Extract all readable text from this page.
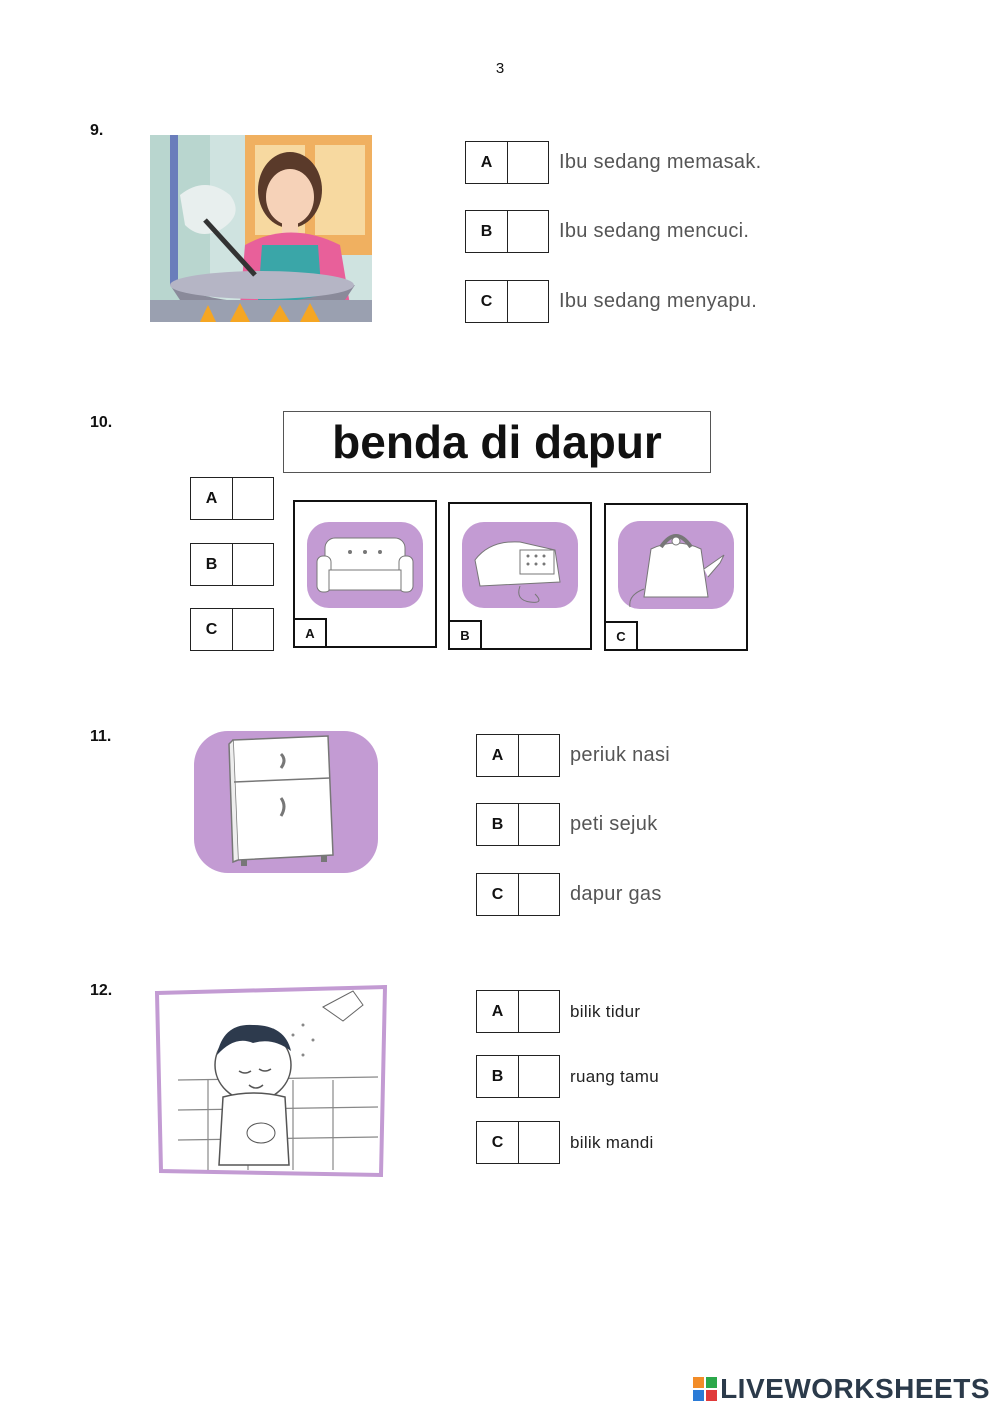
3
9.
A	Ibu sedang memasak.
B	Ibu sedang mencuci.
C	Ibu sedang menyapu.
10.	benda di dapur
A
B
C	A	B	C
11.
A	periuk nasi
B	peti sejuk
C	dapur gas
12.
A	bilik tidur
B	ruang tamu
C	bilik mandi
LIVEWORKSHEETS
